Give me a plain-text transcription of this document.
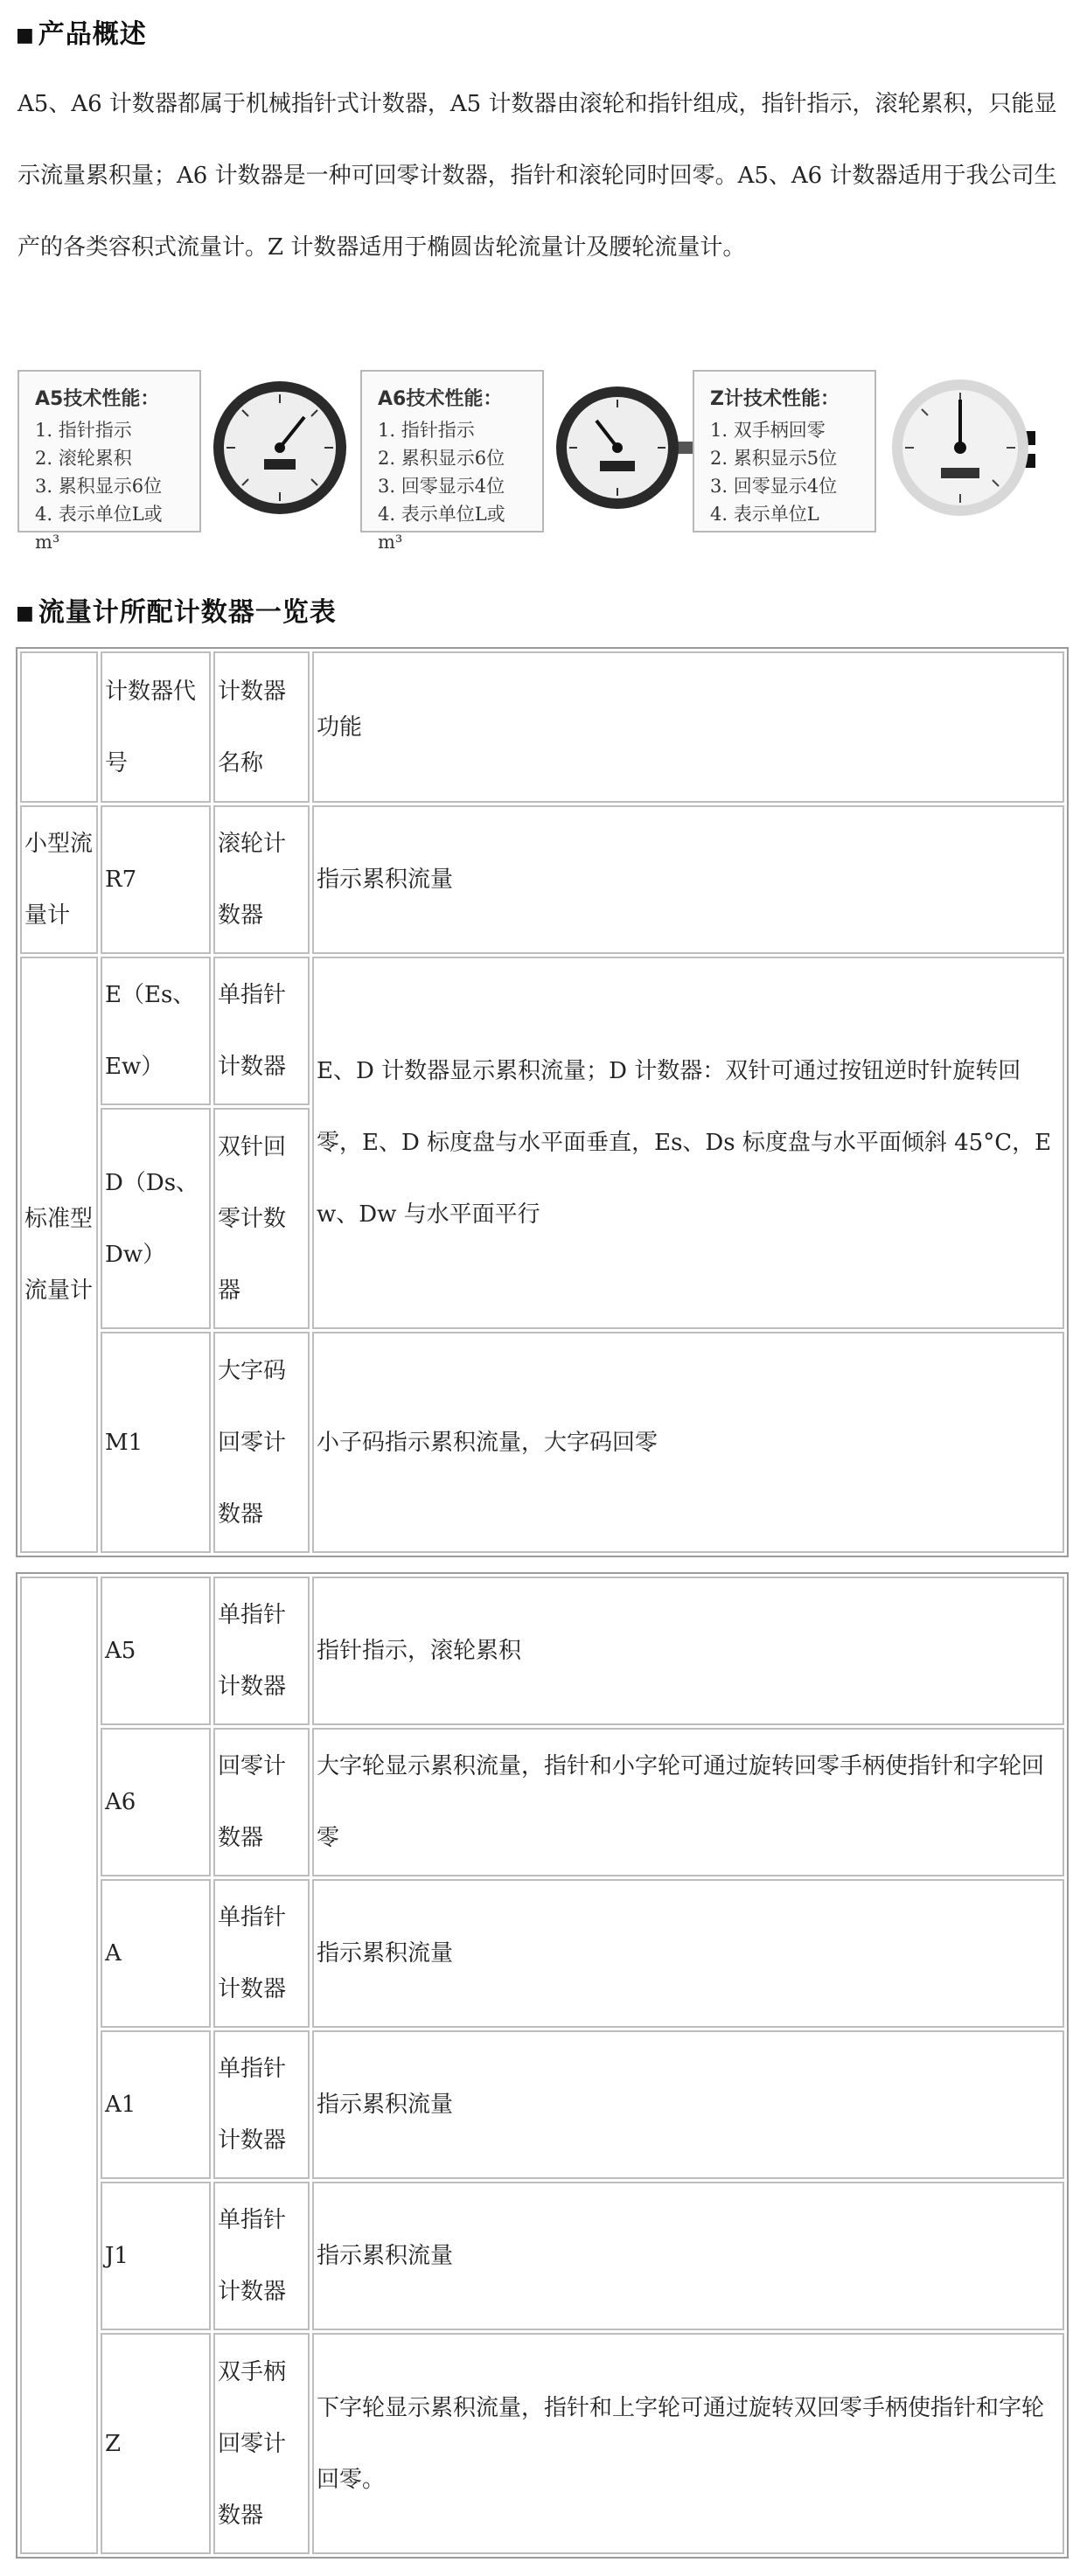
■ 产品概述
A5、A6 计数器都属于机械指针式计数器，A5 计数器由滚轮和指针组成，指针指示，滚轮累积，只能显示流量累积量；A6 计数器是一种可回零计数器，指针和滚轮同时回零。A5、A6 计数器适用于我公司生产的各类容积式流量计。Z 计数器适用于椭圆齿轮流量计及腰轮流量计。
A5技术性能：
1. 指针指示
2. 滚轮累积
3. 累积显示6位
4. 表示单位L或m³
A6技术性能：
1. 指针指示
2. 累积显示6位
3. 回零显示4位
4. 表示单位L或m³
Z计技术性能：
1. 双手柄回零
2. 累积显示5位
3. 回零显示4位
4. 表示单位L
■ 流量计所配计数器一览表
	计数器代号	计数器名称	功能
小型流量计	R7	滚轮计数器	指示累积流量
标准型流量计	E（Es、Ew）	单指针计数器	E、D 计数器显示累积流量；D 计数器：双针可通过按钮逆时针旋转回零，E、D 标度盘与水平面垂直，Es、Ds 标度盘与水平面倾斜 45°C，Ew、Dw 与水平面平行
	D（Ds、Dw）	双针回零计数器	
	M1	大字码回零计数器	小子码指示累积流量，大字码回零
	A5	单指针计数器	指针指示，滚轮累积
	A6	回零计数器	大字轮显示累积流量，指针和小字轮可通过旋转回零手柄使指针和字轮回零
	A	单指针计数器	指示累积流量
	A1	单指针计数器	指示累积流量
	J1	单指针计数器	指示累积流量
	Z	双手柄回零计数器	下字轮显示累积流量，指针和上字轮可通过旋转双回零手柄使指针和字轮回零。
